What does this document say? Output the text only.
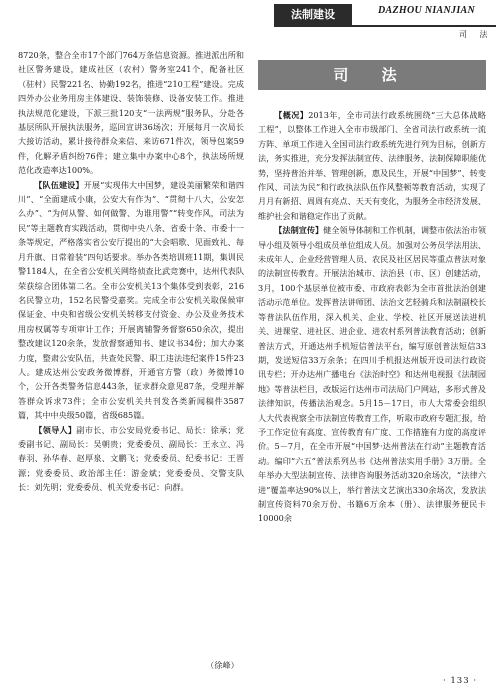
法制建设	DAZHOU NIANJIAN
司 法

8720条，整合全市17个部门764万条信息资源。推进派出所和社区警务建设，建成社区（农村）警务室241个，配备社区（驻村）民警221名、协勤192名，推进“210工程”建设。完成四外办公业务用房主体建设、装饰装修、设备安装工作。推进执法规范化建设，下派三批120支“一法两规”服务队，分赴各基层所队开展执法服务，巡回宣讲36场次；开展每月一次局长大接访活动，累计接待群众来信、来访671件次，领导包案59件，化解矛盾纠纷76件；建立集中办案中心8个，执法场所规范化改造率达100%。

【队伍建设】开展“实现伟大中国梦，建设美丽繁荣和谐四川”、“全面建成小康，公安大有作为”、“贯彻十八大，公安怎么办”、“为何从警、如何做警、为谁用警”“转变作风，司法为民”等主题教育实践活动，贯彻中央八条、省委十条、市委十一条等规定，严格落实省公安厅提出的“大会唱歌、见面致礼、每月升旗、日常着装”四句话要求。举办各类培训班11期，集训民警1184人，在全省公安机关网络侦查比武竞赛中，达州代表队荣获综合团体第二名。全市公安机关13个集体受到表彰，216名民警立功，152名民警受嘉奖。完成全市公安机关取保候审保证金、中央和省级公安机关转移支付资金、办公及业务技术用房权属等专项审计工作；开展离辅警务督察650余次，提出整改建议120余条，发放督察通知书、建议书34份；加大办案力度，整肃公安队伍，共查处民警、职工违法违纪案件15件23人。建成达州公安政务微博群，开通官方警（政）务微博10个，公开各类警务信息443条，征求群众意见87条，受理并解答群众诉求73件；全市公安机关共刊发各类新闻稿件3587篇，其中中央级50篇，省级685篇。

【领导人】副市长、市公安局党委书记、局长：徐承；党委副书记、副局长：吴朝贵；党委委员、副局长：王永立、冯春羽、孙华春、赵厚泉、文鹏飞；党委委员、纪委书记：王晋源；党委委员、政治部主任：游金斌；党委委员、交警支队长：刘先明；党委委员、机关党委书记：向群。

（徐峰）
司 法

【概况】2013年，全市司法行政系统围绕“三大总体战略工程”，以整体工作进入全市市级部门、全省司法行政系统一流方阵、单项工作进入全国司法行政系统先进行列为目标，创新方法，务实推进，充分发挥法制宣传、法律服务、法制保障职能优势，坚持普治并举、管理创新，惠及民生，开展“中国梦”、转变作风、司法为民”和行政执法队伍作风整顿等教育活动，实现了月月有新招、周周有亮点、天天有变化，为服务全市经济发展、维护社会和谐稳定作出了贡献。

【法制宣传】健全领导体制和工作机制，调整市依法治市领导小组及领导小组成员单位组成人员。加强对公务员学法用法、未成年人、企业经营管理人员、农民及社区居民等重点普法对象的法制宣传教育。开展法治城市、法治县（市、区）创建活动，3月，100个基层单位被市委、市政府表彰为全市首批法治创建活动示范单位。发挥普法讲师团、法治文艺轻骑兵和法制副校长等普法队伍作用，深入机关、企业、学校、社区开展送法进机关、进课堂、进社区、进企业、进农村系列普法教育活动；创新普法方式，开通达州手机短信普法平台，编写原创普法短信33期，发送短信33万余条；在四川手机报达州版开设司法行政资讯专栏；开办达州广播电台《法治时空》和达州电视报《法制园地》等普法栏目，改版运行达州市司法局门户网站，多形式普及法律知识，传播法治观念。5月15－17日，市人大常委会组织人大代表视察全市法制宣传教育工作，听取市政府专题汇报，给予工作定位有高度、宣传教育有广度、工作措施有力度的高度评价。5－7月，在全市开展“中国梦·达州普法在行动”主题教育活动。编印“六五”普法系列丛书《达州普法实用手册》3万册。全年举办大型法制宣传、法律咨询服务活动320余场次，“法律六进”覆盖率达90%以上，举行普法文艺演出330余场次，发放法制宣传资料70余万份、书籍6万余本（册）、法律服务便民卡10000余

· 133 ·
